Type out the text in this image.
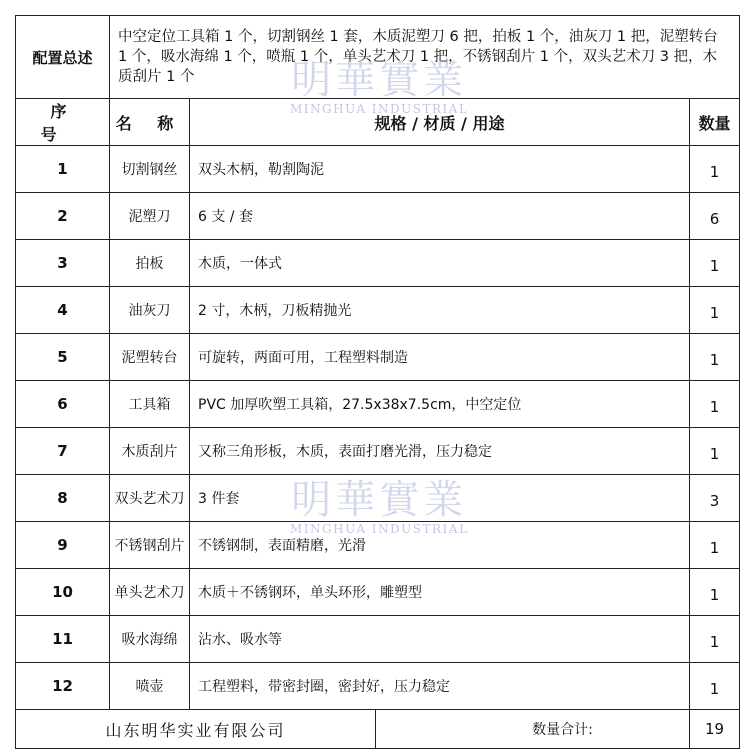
配置总述	中空定位工具箱 1 个，切割钢丝 1 套，木质泥塑刀 6 把，拍板 1 个，油灰刀 1 把，泥塑转台 1 个，吸水海绵 1 个，喷瓶 1 个，单头艺术刀 1 把，不锈钢刮片 1 个，双头艺术刀 3 把，木质刮片 1 个			
序 号	名 称	规格 / 材质 / 用途		数量
1	切割钢丝	双头木柄，勒割陶泥		1
2	泥塑刀	6 支 / 套		6
3	拍板	木质，一体式		1
4	油灰刀	2 寸，木柄，刀板精抛光		1
5	泥塑转台	可旋转，两面可用，工程塑料制造		1
6	工具箱	PVC 加厚吹塑工具箱，27.5x38x7.5cm，中空定位		1
7	木质刮片	又称三角形板，木质，表面打磨光滑，压力稳定		1
8	双头艺术刀	3 件套		3
9	不锈钢刮片	不锈钢制，表面精磨，光滑		1
10	单头艺术刀	木质＋不锈钢环，单头环形，雕塑型		1
11	吸水海绵	沾水、吸水等		1
12	喷壶	工程塑料，带密封圈，密封好，压力稳定		1
山东明华实业有限公司			数量合计:	19
明華實業
MINGHUA INDUSTRIAL
明華實業
MINGHUA INDUSTRIAL
